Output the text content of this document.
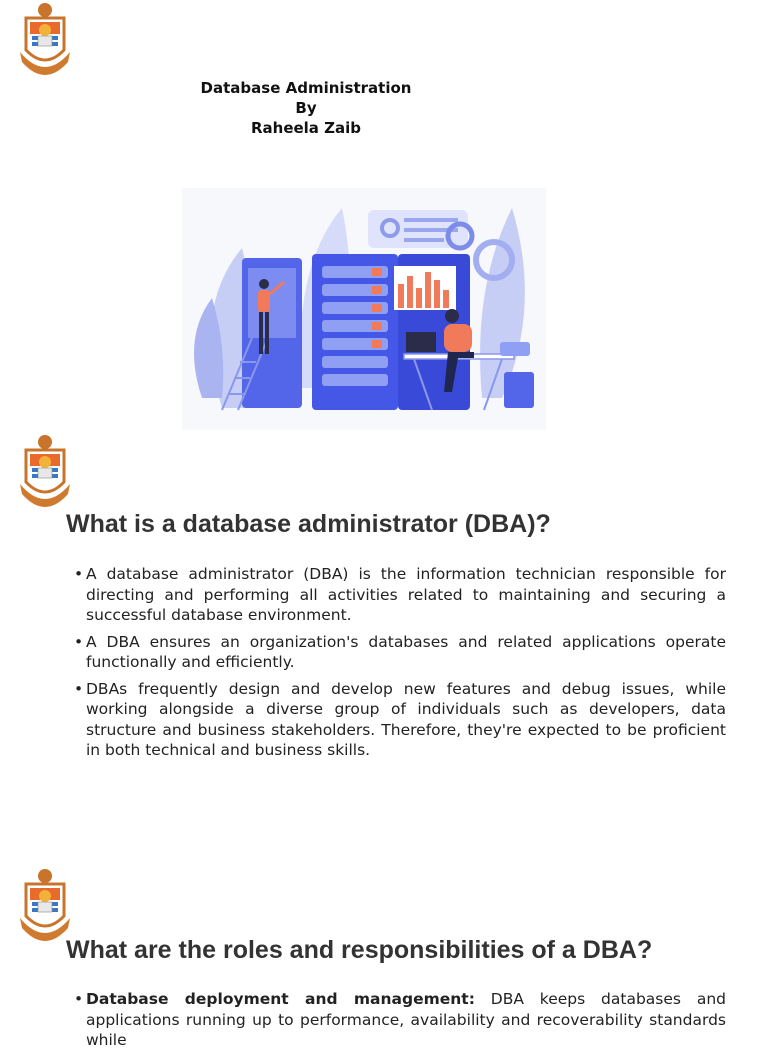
Database Administration
By
Raheela Zaib
What is a database administrator (DBA)?
• A database administrator (DBA) is the information technician responsible for directing and performing all activities related to maintaining and securing a successful database environment.
• A DBA ensures an organization's databases and related applications operate functionally and efficiently.
• DBAs frequently design and develop new features and debug issues, while working alongside a diverse group of individuals such as developers, data structure and business stakeholders. Therefore, they're expected to be proficient in both technical and business skills.
What are the roles and responsibilities of a DBA?
• Database deployment and management: DBA keeps databases and applications running up to performance, availability and recoverability standards while
